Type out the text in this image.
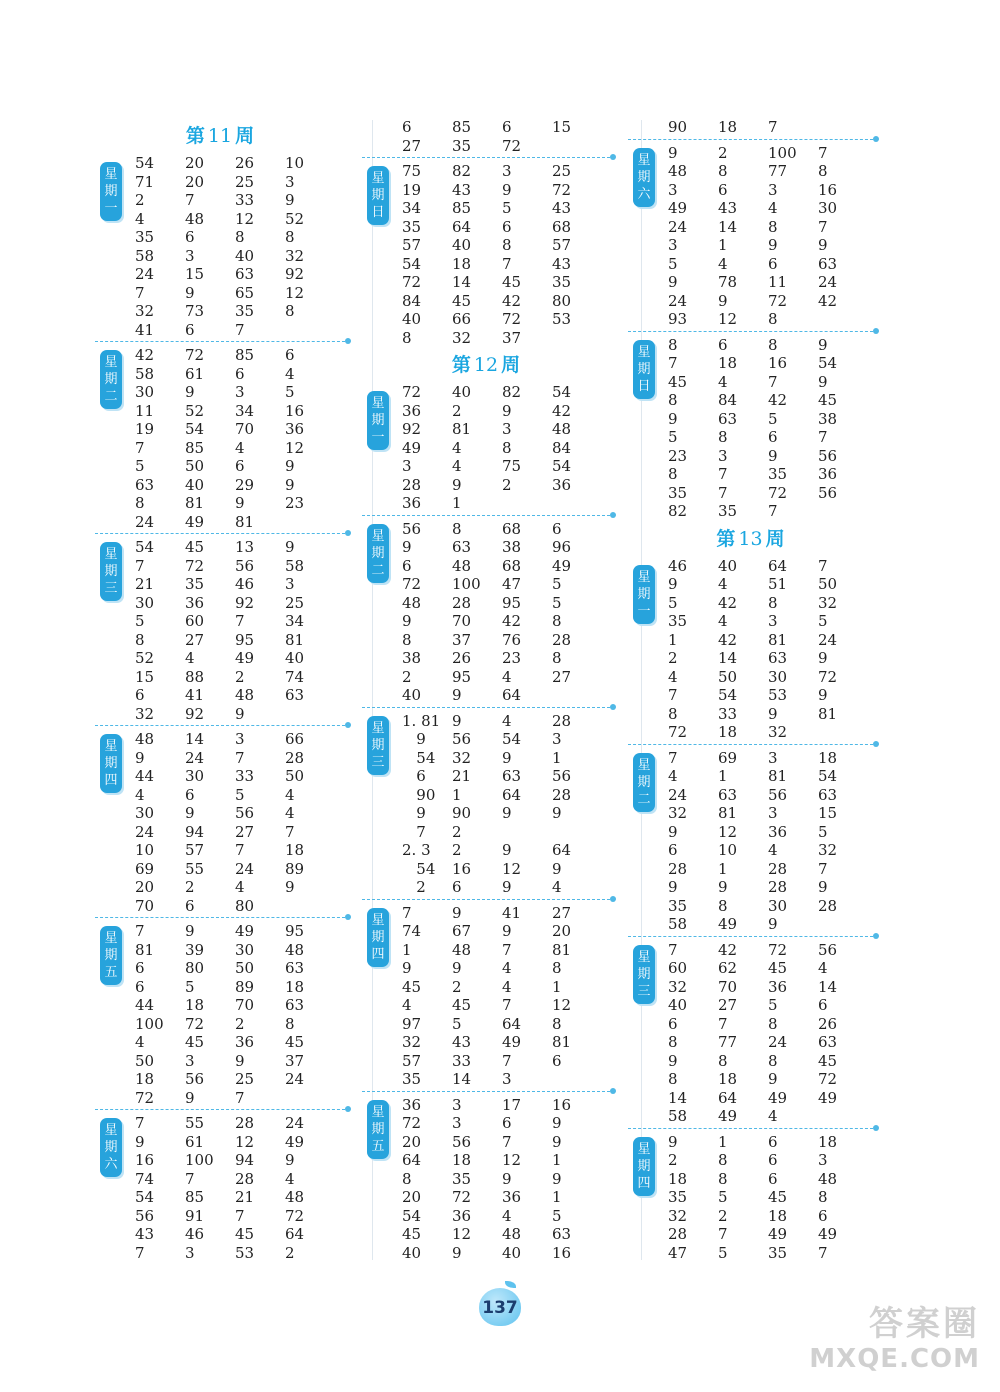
第 11 周
星
期
一
54	20	26	10
71	20	25	3
2	7	33	9
4	48	12	52
35	6	8	8
58	3	40	32
24	15	63	92
7	9	65	12
32	73	35	8
41	6	7
星
期
二
42	72	85	6
58	61	6	4
30	9	3	5
11	52	34	16
19	54	70	36
7	85	4	12
5	50	6	9
63	40	29	9
8	81	9	23
24	49	81
星
期
三
54	45	13	9
7	72	56	58
21	35	46	3
30	36	92	25
5	60	7	34
8	27	95	81
52	4	49	40
15	88	2	74
6	41	48	63
32	92	9
星
期
四
48	14	3	66
9	24	7	28
44	30	33	50
4	6	5	4
30	9	56	4
24	94	27	7
10	57	7	18
69	55	24	89
20	2	4	9
70	6	80
星
期
五
7	9	49	95
81	39	30	48
6	80	50	63
6	5	89	18
44	18	70	63
100	72	2	8
4	45	36	45
50	3	9	37
18	56	25	24
72	9	7
星
期
六
7	55	28	24
9	61	12	49
16	100	94	9
74	7	28	4
54	85	21	48
56	91	7	72
43	46	45	64
7	3	53	2
6	85	6	15
27	35	72
星
期
日
75	82	3	25
19	43	9	72
34	85	5	43
35	64	6	68
57	40	8	57
54	18	7	43
72	14	45	35
84	45	42	80
40	66	72	53
8	32	37
第 12 周
星
期
一
72	40	82	54
36	2	9	42
92	81	3	48
49	4	8	84
3	4	75	54
28	9	2	36
36	1
星
期
二
56	8	68	6
9	63	38	96
6	48	68	49
72	100	47	5
48	28	95	5
9	70	42	8
8	37	76	28
38	26	23	8
2	95	4	27
40	9	64
星
期
三
1. 81 9	4	28
9	56	54	3
54	32	9	1
6	21	63	56
90	1	64	28
9	90	9	9
7	2
2. 3	2	9	64
54	16	12	9
2	6	9	4
星
期
四
7	9	41	27
74	67	9	20
1	48	7	81
9	9	4	8
45	2	4	1
4	45	7	12
97	5	64	8
32	43	49	81
57	33	7	6
35	14	3
星
期
五
36	3	17	16
72	3	6	9
20	56	7	9
64	18	12	1
8	35	9	9
20	72	36	1
54	36	4	5
45	12	48	63
40	9	40	16
90	18	7
星
期
六
9	2	100	7
48	8	77	8
3	6	3	16
49	43	4	30
24	14	8	7
3	1	9	9
5	4	6	63
9	78	11	24
24	9	72	42
93	12	8
星
期
日
8	6	8	9
7	18	16	54
45	4	7	9
8	84	42	45
9	63	5	38
5	8	6	7
23	3	9	56
8	7	35	36
35	7	72	56
82	35	7
第 13 周
星
期
一
46	40	64	7
9	4	51	50
5	42	8	32
35	4	3	5
1	42	81	24
2	14	63	9
4	50	30	72
7	54	53	9
8	33	9	81
72	18	32
星
期
二
7	69	3	18
4	1	81	54
24	63	56	63
32	81	3	15
9	12	36	5
6	10	4	32
28	1	28	7
9	9	28	9
35	8	30	28
58	49	9
星
期
三
7	42	72	56
60	62	45	4
32	70	36	14
40	27	5	6
6	7	8	26
8	77	24	63
9	8	8	45
8	18	9	72
14	64	49	49
58	49	4
星
期
四
9	1	6	18
2	8	6	3
18	8	6	48
35	5	45	8
32	2	18	6
28	7	49	49
47	5	35	7
137	答案圈
MXQE.COM
